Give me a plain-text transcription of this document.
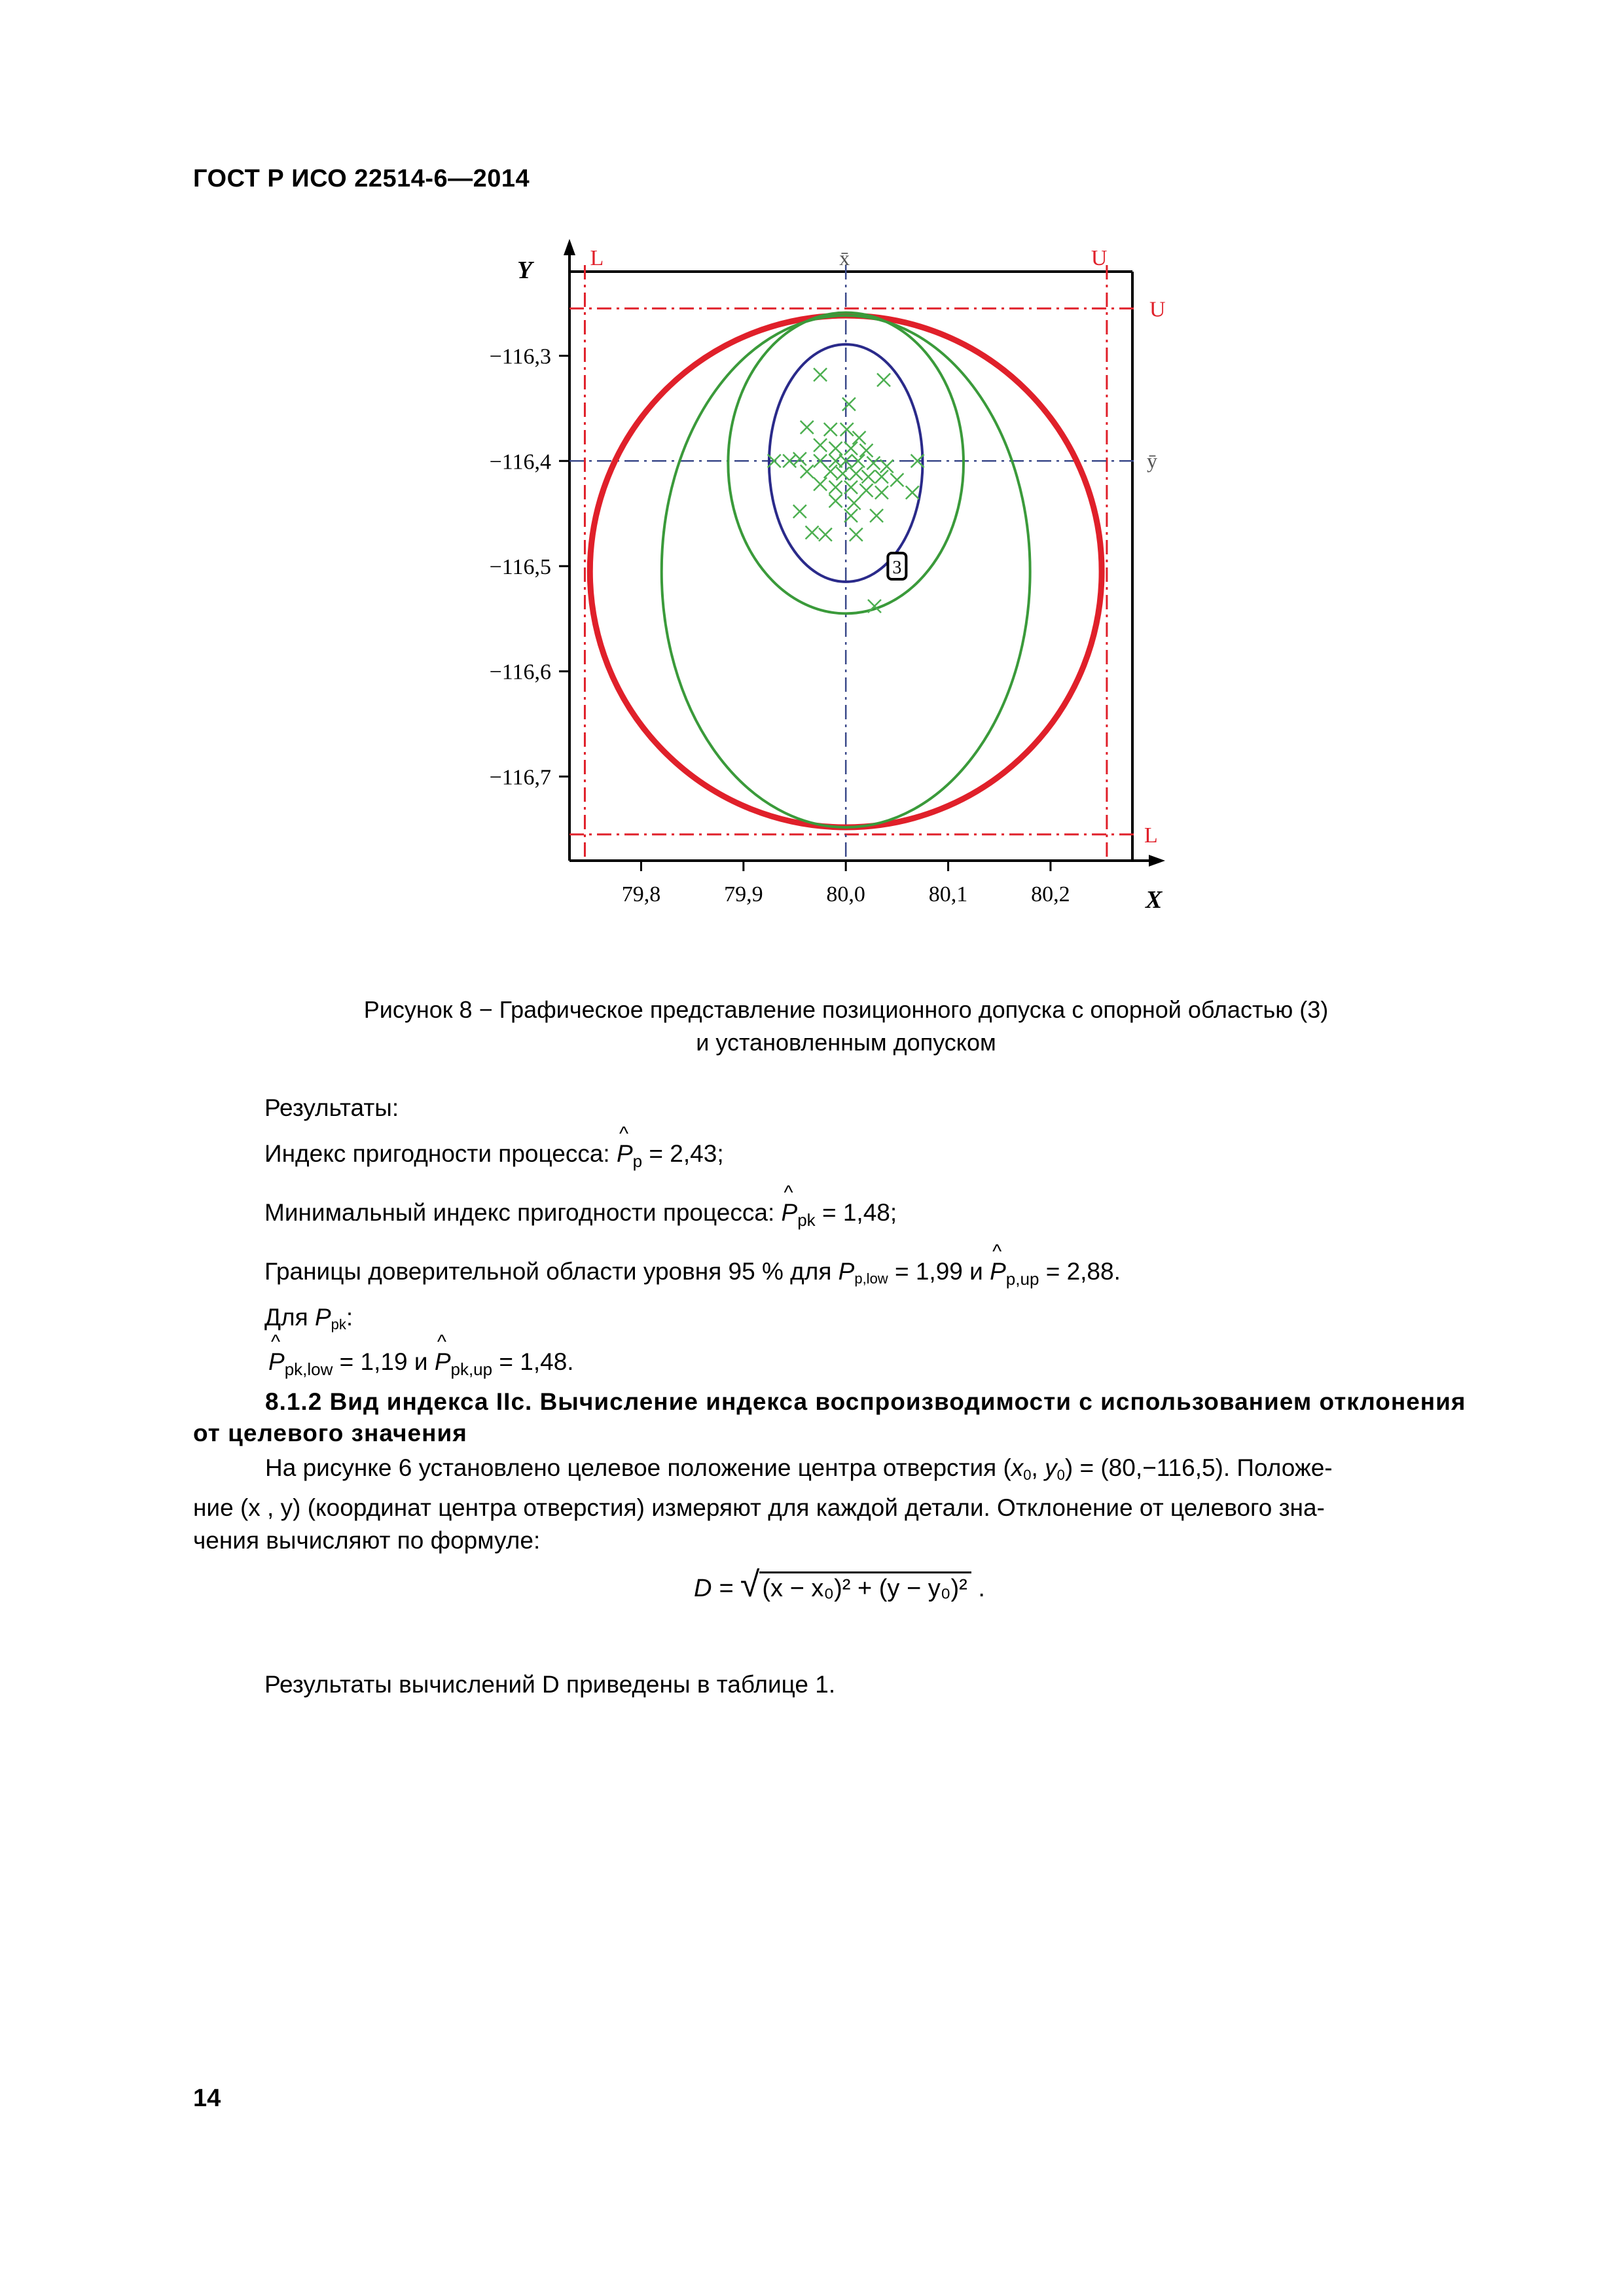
ГОСТ Р ИСО 22514-6—2014
Y
X
79,8	79,9	80,0	80,1	80,2
−116,3
−116,4
−116,5
−116,6
−116,7
L	U
U
L
x̄
ȳ
3
Рисунок 8 − Графическое представление позиционного допуска с опорной областью (3)
и установленным допуском
Результаты:
Индекс пригодности процесса: ^ $P_p = 2,43$;
Минимальный индекс пригодности процесса: ^ $P_{pk} = 1,48$;
Границы доверительной области уровня 95 % для $P_{p,low} = 1,99$ и ^ $P_{p,up} = 2,88$.
Для $P_{pk}$:
^ $P_{pk,low} = 1,19$ и ^ $P_{pk,up} = 1,48$.
8.1.2 Вид индекса IIc. Вычисление индекса воспроизводимости с использованием отклонения от целевого значения
На рисунке 6 установлено целевое положение центра отверстия ($x_0$, $y_0) = (80,-116,5)$. Положе-
ние (x , y) (координат центра отверстия) измеряют для каждой детали. Отклонение от целевого зна-
чения вычисляют по формуле:
D = √ (x − x₀)² + (y − y₀)² .
Результаты вычислений D приведены в таблице 1.
14
